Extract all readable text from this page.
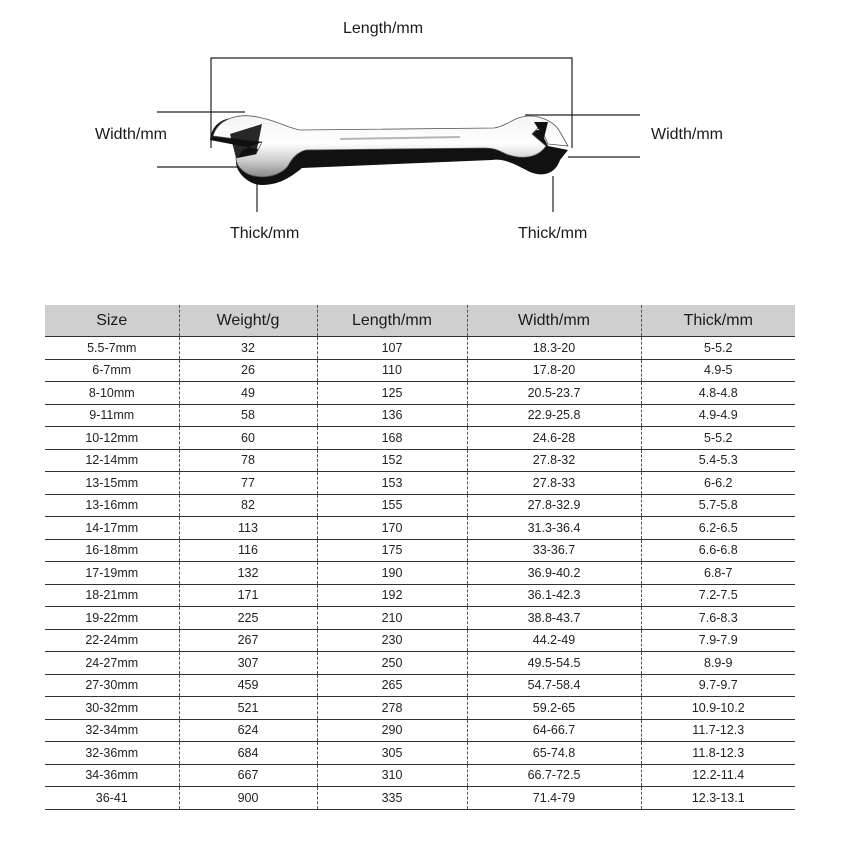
Length/mm
Width/mm	Width/mm
Thick/mm	Thick/mm
Size	Weight/g	Length/mm	Width/mm	Thick/mm
5.5-7mm	32	107	18.3-20	5-5.2
6-7mm	26	110	17.8-20	4.9-5
8-10mm	49	125	20.5-23.7	4.8-4.8
9-11mm	58	136	22.9-25.8	4.9-4.9
10-12mm	60	168	24.6-28	5-5.2
12-14mm	78	152	27.8-32	5.4-5.3
13-15mm	77	153	27.8-33	6-6.2
13-16mm	82	155	27.8-32.9	5.7-5.8
14-17mm	113	170	31.3-36.4	6.2-6.5
16-18mm	116	175	33-36.7	6.6-6.8
17-19mm	132	190	36.9-40.2	6.8-7
18-21mm	171	192	36.1-42.3	7.2-7.5
19-22mm	225	210	38.8-43.7	7.6-8.3
22-24mm	267	230	44.2-49	7.9-7.9
24-27mm	307	250	49.5-54.5	8.9-9
27-30mm	459	265	54.7-58.4	9.7-9.7
30-32mm	521	278	59.2-65	10.9-10.2
32-34mm	624	290	64-66.7	11.7-12.3
32-36mm	684	305	65-74.8	11.8-12.3
34-36mm	667	310	66.7-72.5	12.2-11.4
36-41	900	335	71.4-79	12.3-13.1
